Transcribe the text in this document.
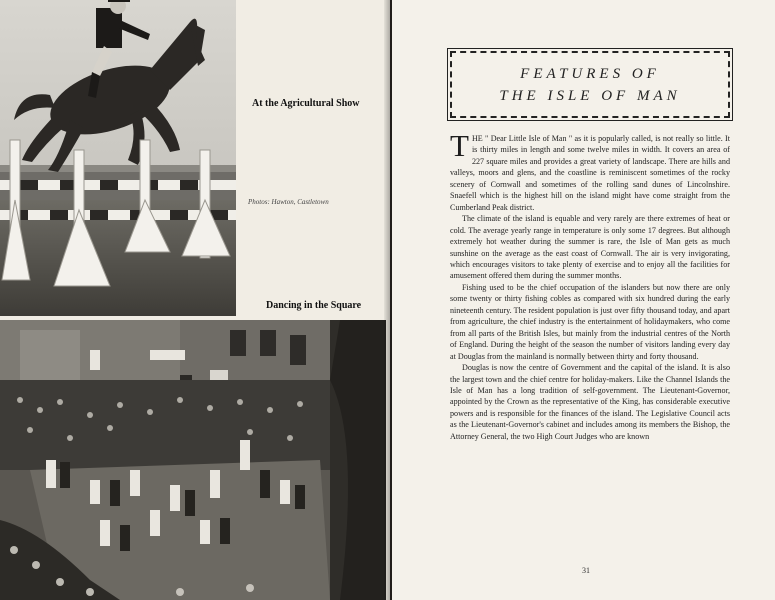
At the Agricultural Show
Photos: Hawton, Castletown
Dancing in the Square
FEATURES OF
THE ISLE OF MAN

THE " Dear Little Isle of Man " as it is popularly called, is not really so little. It is thirty miles in length and some twelve miles in width. It covers an area of 227 square miles and provides a great variety of landscape. There are hills and valleys, moors and glens, and the coastline is reminiscent sometimes of the rocky scenery of Cornwall and sometimes of the rolling sand dunes of Lincolnshire. Snaefell which is the highest hill on the island might have come straight from the Cumberland Peak district.

The climate of the island is equable and very rarely are there extremes of heat or cold. The average yearly range in temperature is only some 17 degrees. But although extremely hot weather during the summer is rare, the Isle of Man gets as much sunshine on the average as the east coast of Cornwall. The air is very invigorating, which encourages visitors to take plenty of exercise and to enjoy all the facilities for amusement offered them during the summer months.

Fishing used to be the chief occupation of the islanders but now there are only some twenty or thirty fishing cobles as compared with six hundred during the early nineteenth century. The resident population is just over fifty thousand today, and apart from agriculture, the chief industry is the entertainment of holidaymakers, who come from all parts of the British Isles, but mainly from the industrial centres of the North of England. During the height of the season the number of visitors landing every day at Douglas from the mainland is normally between thirty and forty thousand.

Douglas is now the centre of Government and the capital of the island. It is also the largest town and the chief centre for holiday-makers. Like the Channel Islands the Isle of Man has a long tradition of self-government. The Lieutenant-Governor, appointed by the Crown as the representative of the King, has considerable executive powers and is responsible for the finances of the island. The Legislative Council acts as the Lieutenant-Governor's cabinet and includes among its members the Bishop, the Attorney General, the two High Court Judges who are known

31
